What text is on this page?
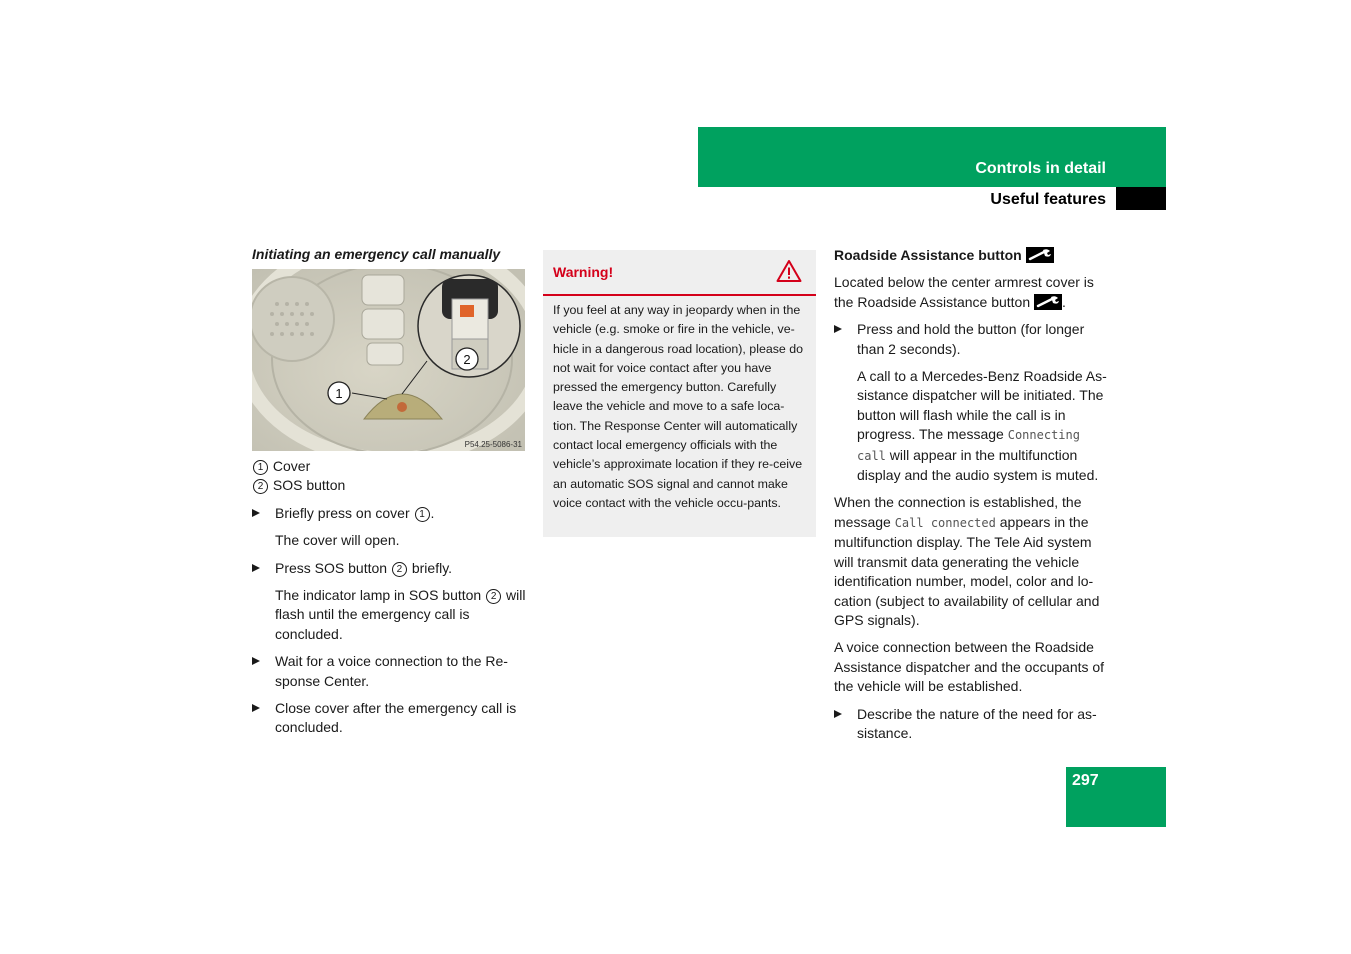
Controls in detail
Useful features
Initiating an emergency call manually
1
2
P54.25-5086-31
1 Cover
2 SOS button
Briefly press on cover 1 .
The cover will open.
Press SOS button 2 briefly.
The indicator lamp in SOS button 2 will flash until the emergency call is concluded.
Wait for a voice connection to the Re-sponse Center.
Close cover after the emergency call is concluded.
Warning!
If you feel at any way in jeopardy when in the vehicle (e.g. smoke or fire in the vehicle, ve-hicle in a dangerous road location), please do not wait for voice contact after you have pressed the emergency button. Carefully leave the vehicle and move to a safe loca-tion. The Response Center will automatically contact local emergency officials with the vehicle’s approximate location if they re-ceive an automatic SOS signal and cannot make voice contact with the vehicle occu-pants.
Roadside Assistance button

Located below the center armrest cover is the Roadside Assistance button .

Press and hold the button (for longer than 2 seconds).
A call to a Mercedes-Benz Roadside As-sistance dispatcher will be initiated. The button will flash while the call is in progress. The message Connecting call will appear in the multifunction display and the audio system is muted.

When the connection is established, the message Call connected appears in the multifunction display. The Tele Aid system will transmit data generating the vehicle identification number, model, color and lo-cation (subject to availability of cellular and GPS signals).

A voice connection between the Roadside Assistance dispatcher and the occupants of the vehicle will be established.

Describe the nature of the need for as-sistance.
297
